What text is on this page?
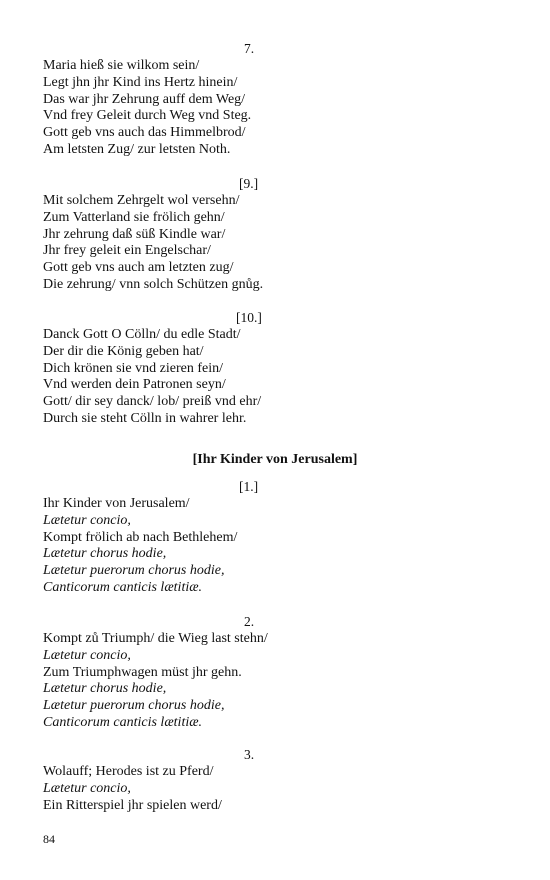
7.
Maria hieß sie wilkom sein/
Legt jhn jhr Kind ins Hertz hinein/
Das war jhr Zehrung auff dem Weg/
Vnd frey Geleit durch Weg vnd Steg.
Gott geb vns auch das Himmelbrod/
Am letsten Zug/ zur letsten Noth.
[9.]
Mit solchem Zehrgelt wol versehn/
Zum Vatterland sie frölich gehn/
Jhr zehrung daß süß Kindle war/
Jhr frey geleit ein Engelschar/
Gott geb vns auch am letzten zug/
Die zehrung/ vnn solch Schützen gnůg.
[10.]
Danck Gott O Cölln/ du edle Stadt/
Der dir die König geben hat/
Dich krönen sie vnd zieren fein/
Vnd werden dein Patronen seyn/
Gott/ dir sey danck/ lob/ preiß vnd ehr/
Durch sie steht Cölln in wahrer lehr.
[Ihr Kinder von Jerusalem]
[1.]
Ihr Kinder von Jerusalem/
Lætetur concio,
Kompt frölich ab nach Bethlehem/
Lætetur chorus hodie,
Lætetur puerorum chorus hodie,
Canticorum canticis lætitiæ.
2.
Kompt zů Triumph/ die Wieg last stehn/
Lætetur concio,
Zum Triumphwagen müst jhr gehn.
Lætetur chorus hodie,
Lætetur puerorum chorus hodie,
Canticorum canticis lætitiæ.
3.
Wolauff; Herodes ist zu Pferd/
Lætetur concio,
Ein Ritterspiel jhr spielen werd/
84
